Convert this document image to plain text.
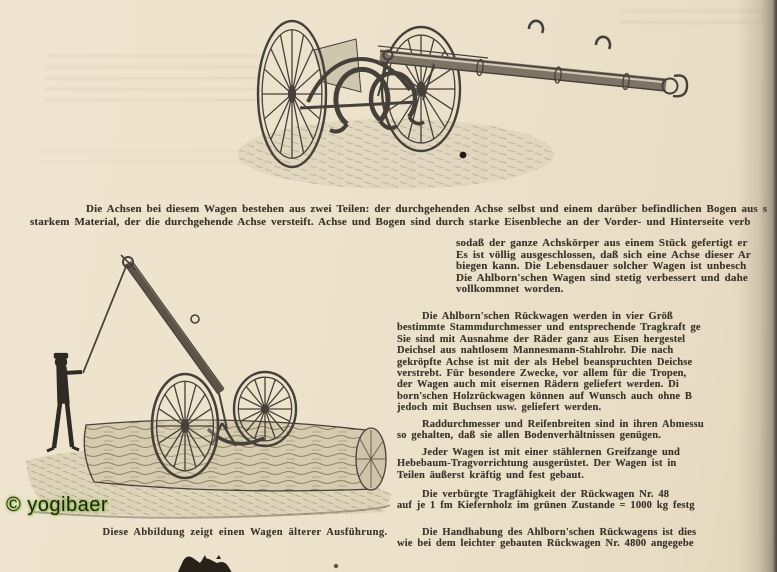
Die Achsen bei diesem Wagen bestehen aus zwei Teilen: der durchgehenden Achse selbst und einem darüber befindlichen Bogen aus s
starkem Material, der die durchgehende Achse versteift. Achse und Bogen sind durch starke Eisenbleche an der Vorder- und Hinterseite verb
sodaß der ganze Achskörper aus einem Stück gefertigt er
Es ist völlig ausgeschlossen, daß sich eine Achse dieser Ar
biegen kann. Die Lebensdauer solcher Wagen ist unbesch
Die Ahlborn'schen Wagen sind stetig verbessert und dahe
vollkommnet worden.
Die Ahlborn'schen Rückwagen werden in vier Größ
bestimmte Stammdurchmesser und entsprechende Tragkraft ge
Sie sind mit Ausnahme der Räder ganz aus Eisen hergestel
Deichsel aus nahtlosem Mannesmann-Stahlrohr. Die nach
gekröpfte Achse ist mit der als Hebel beanspruchten Deichse
verstrebt. Für besondere Zwecke, vor allem für die Tropen,
der Wagen auch mit eisernen Rädern geliefert werden. Di
born'schen Holzrückwagen können auf Wunsch auch ohne B
jedoch mit Buchsen usw. geliefert werden.
Raddurchmesser und Reifenbreiten sind in ihren Abmessu
so gehalten, daß sie allen Bodenverhältnissen genügen.
Jeder Wagen ist mit einer stählernen Greifzange und
Hebebaum-Tragvorrichtung ausgerüstet. Der Wagen ist in
Teilen äußerst kräftig und fest gebaut.
Die verbürgte Tragfähigkeit der Rückwagen Nr. 48
auf je 1 fm Kiefernholz im grünen Zustande = 1000 kg festg
Die Handhabung des Ahlborn'schen Rückwagens ist dies
wie bei dem leichter gebauten Rückwagen Nr. 4800 angegebe
Diese Abbildung zeigt einen Wagen älterer Ausführung.
© yogibaer
